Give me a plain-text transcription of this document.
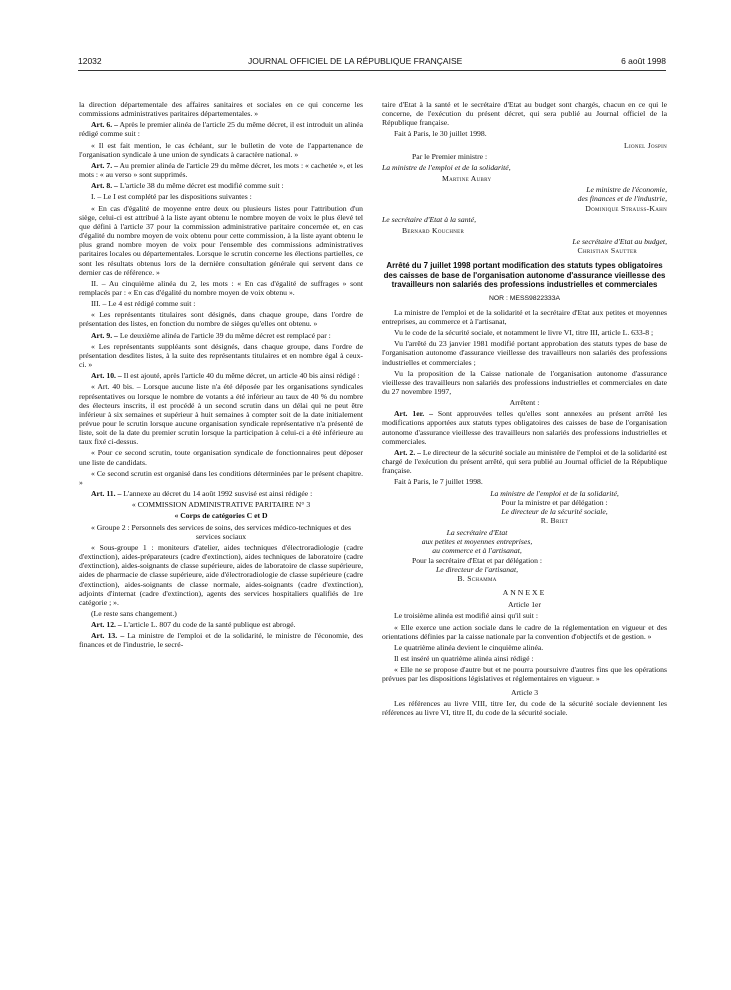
12032	JOURNAL OFFICIEL DE LA RÉPUBLIQUE FRANÇAISE	6 août 1998

la direction départementale des affaires sanitaires et sociales en ce qui concerne les commissions administratives paritaires départementales. »

Art. 6. – Après le premier alinéa de l'article 25 du même décret, il est introduit un alinéa rédigé comme suit :

« Il est fait mention, le cas échéant, sur le bulletin de vote de l'appartenance de l'organisation syndicale à une union de syndicats à caractère national. »

Art. 7. – Au premier alinéa de l'article 29 du même décret, les mots : « cachetée », et les mots : « au verso » sont supprimés.

Art. 8. – L'article 38 du même décret est modifié comme suit :

I. – Le I est complété par les dispositions suivantes :

« En cas d'égalité de moyenne entre deux ou plusieurs listes pour l'attribution d'un siège, celui-ci est attribué à la liste ayant obtenu le nombre moyen de voix le plus élevé tel que défini à l'article 37 pour la commission administrative paritaire concernée et, en cas d'égalité du nombre moyen de voix obtenu pour cette commission, à la liste ayant obtenu le plus grand nombre moyen de voix pour l'ensemble des commissions administratives paritaires locales ou départementales. Lorsque le scrutin concerne les élections partielles, ce sont les résultats obtenus lors de la dernière consultation générale qui servent dans ce dernier cas de référence. »

II. – Au cinquième alinéa du 2, les mots : « En cas d'égalité de suffrages » sont remplacés par : « En cas d'égalité du nombre moyen de voix obtenu ».

III. – Le 4 est rédigé comme suit :

« Les représentants titulaires sont désignés, dans chaque groupe, dans l'ordre de présentation des listes, en fonction du nombre de sièges qu'elles ont obtenu. »

Art. 9. – Le deuxième alinéa de l'article 39 du même décret est remplacé par :

« Les représentants suppléants sont désignés, dans chaque groupe, dans l'ordre de présentation desdites listes, à la suite des représentants titulaires et en nombre égal à ceux-ci. »

Art. 10. – Il est ajouté, après l'article 40 du même décret, un article 40 bis ainsi rédigé :

« Art. 40 bis. – Lorsque aucune liste n'a été déposée par les organisations syndicales représentatives ou lorsque le nombre de votants a été inférieur au taux de 40 % du nombre des électeurs inscrits, il est procédé à un second scrutin dans un délai qui ne peut être inférieur à six semaines et supérieur à huit semaines à compter soit de la date initialement prévue pour le scrutin lorsque aucune organisation syndicale représentative n'a présenté de liste, soit de la date du premier scrutin lorsque la participation à celui-ci a été inférieure au taux fixé ci-dessus.

« Pour ce second scrutin, toute organisation syndicale de fonctionnaires peut déposer une liste de candidats.

« Ce second scrutin est organisé dans les conditions déterminées par le présent chapitre. »

Art. 11. – L'annexe au décret du 14 août 1992 susvisé est ainsi rédigée :

« COMMISSION ADMINISTRATIVE PARITAIRE N° 3

« Corps de catégories C et D

« Groupe 2 : Personnels des services de soins, des services médico-techniques et des services sociaux

« Sous-groupe 1 : moniteurs d'atelier, aides techniques d'électroradiologie (cadre d'extinction), aides-préparateurs (cadre d'extinction), aides techniques de laboratoire (cadre d'extinction), aides-soignants de classe supérieure, aides de laboratoire de classe supérieure, aides de pharmacie de classe supérieure, aide d'électroradiologie de classe supérieure (cadre d'extinction), aides-soignants de classe normale, aides-soignants (cadre d'extinction), adjoints d'internat (cadre d'extinction), agents des services hospitaliers qualifiés de 1re catégorie ; ».

(Le reste sans changement.)

Art. 12. – L'article L. 807 du code de la santé publique est abrogé.

Art. 13. – La ministre de l'emploi et de la solidarité, le ministre de l'économie, des finances et de l'industrie, le secré-

taire d'Etat à la santé et le secrétaire d'Etat au budget sont chargés, chacun en ce qui le concerne, de l'exécution du présent décret, qui sera publié au Journal officiel de la République française.

Fait à Paris, le 30 juillet 1998.

Lionel Jospin

Par le Premier ministre :

La ministre de l'emploi et de la solidarité,

Martine Aubry

Le ministre de l'économie,

des finances et de l'industrie,

Dominique Strauss-Kahn

Le secrétaire d'Etat à la santé,

Bernard Kouchner

Le secrétaire d'Etat au budget,

Christian Sautter

Arrêté du 7 juillet 1998 portant modification des statuts types obligatoires des caisses de base de l'organisation autonome d'assurance vieillesse des travailleurs non salariés des professions industrielles et commerciales
NOR : MESS9822333A

La ministre de l'emploi et de la solidarité et la secrétaire d'Etat aux petites et moyennes entreprises, au commerce et à l'artisanat,

Vu le code de la sécurité sociale, et notamment le livre VI, titre III, article L. 633-8 ;

Vu l'arrêté du 23 janvier 1981 modifié portant approbation des statuts types de base de l'organisation autonome d'assurance vieillesse des travailleurs non salariés des professions industrielles et commerciales ;

Vu la proposition de la Caisse nationale de l'organisation autonome d'assurance vieillesse des travailleurs non salariés des professions industrielles et commerciales en date du 27 novembre 1997,

Arrêtent :

Art. 1er. – Sont approuvées telles qu'elles sont annexées au présent arrêté les modifications apportées aux statuts types obligatoires des caisses de base de l'organisation autonome d'assurance vieillesse des travailleurs non salariés des professions industrielles et commerciales.

Art. 2. – Le directeur de la sécurité sociale au ministère de l'emploi et de la solidarité est chargé de l'exécution du présent arrêté, qui sera publié au Journal officiel de la République française.

Fait à Paris, le 7 juillet 1998.

La ministre de l'emploi et de la solidarité,

Pour la ministre et par délégation :

Le directeur de la sécurité sociale,

R. Briet

La secrétaire d'Etat

aux petites et moyennes entreprises,

au commerce et à l'artisanat,

Pour la secrétaire d'Etat et par délégation :

Le directeur de l'artisanat,

B. Schamma

ANNEXE

Article 1er

Le troisième alinéa est modifié ainsi qu'il suit :

« Elle exerce une action sociale dans le cadre de la réglementation en vigueur et des orientations définies par la caisse nationale par la convention d'objectifs et de gestion. »

Le quatrième alinéa devient le cinquième alinéa.

Il est inséré un quatrième alinéa ainsi rédigé :

« Elle ne se propose d'autre but et ne pourra poursuivre d'autres fins que les opérations prévues par les dispositions législatives et réglementaires en vigueur. »

Article 3

Les références au livre VIII, titre Ier, du code de la sécurité sociale deviennent les références au livre VI, titre II, du code de la sécurité sociale.
